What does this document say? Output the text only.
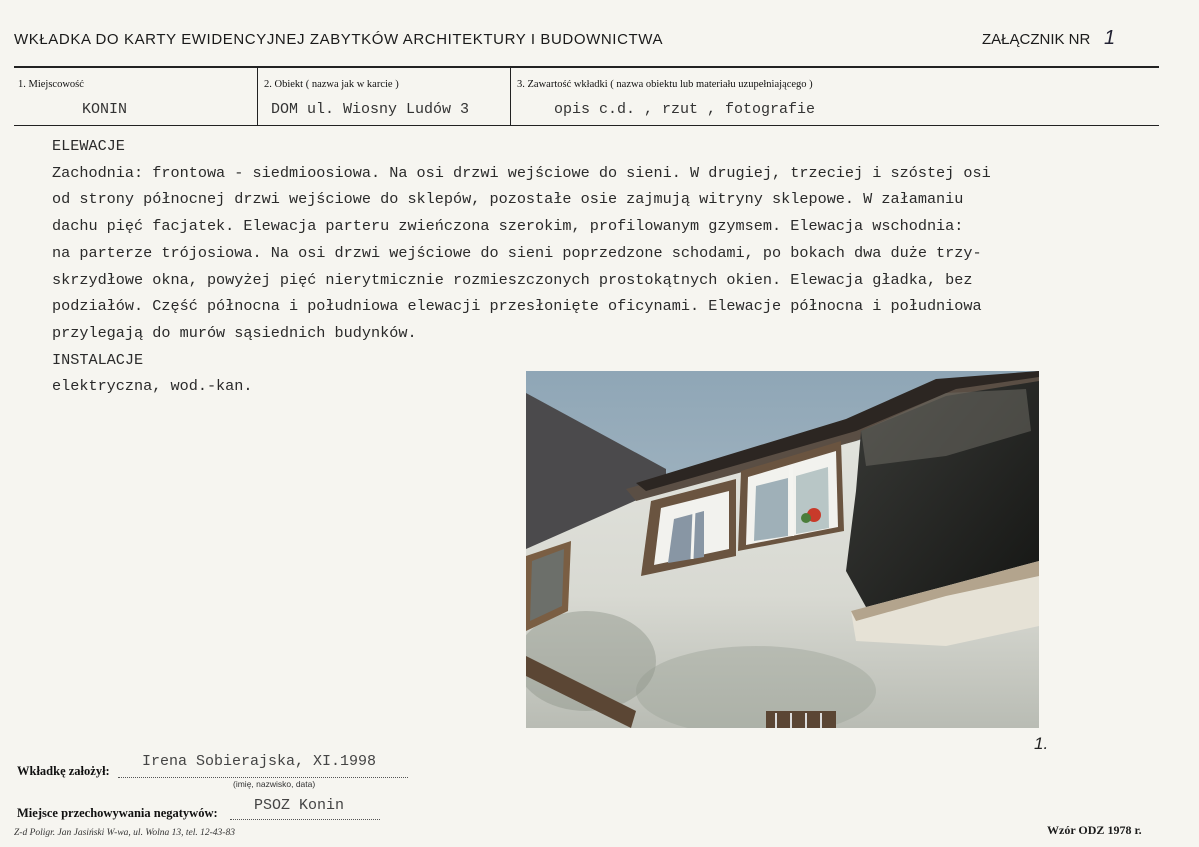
WKŁADKA DO KARTY EWIDENCYJNEJ ZABYTKÓW ARCHITEKTURY I BUDOWNICTWA	ZAŁĄCZNIK NR 1
1. Miejscowość
KONIN
2. Obiekt ( nazwa jak w karcie )
DOM ul. Wiosny Ludów 3
3. Zawartość wkładki ( nazwa obiektu lub materiału uzupełniającego )
opis c.d. , rzut , fotografie
ELEWACJE
Zachodnia: frontowa - siedmioosiowa. Na osi drzwi wejściowe do sieni. W drugiej, trzeciej i szóstej osi
od strony północnej drzwi wejściowe do sklepów, pozostałe osie zajmują witryny sklepowe. W załamaniu
dachu pięć facjatek. Elewacja parteru zwieńczona szerokim, profilowanym gzymsem. Elewacja wschodnia:
na parterze trójosiowa. Na osi drzwi wejściowe do sieni poprzedzone schodami, po bokach dwa duże trzy-
skrzydłowe okna, powyżej pięć nierytmicznie rozmieszczonych prostokątnych okien. Elewacja gładka, bez
podziałów. Część północna i południowa elewacji przesłonięte oficynami. Elewacje północna i południowa
przylegają do murów sąsiednich budynków.
INSTALACJE
elektryczna, wod.-kan.
1.
Wkładkę założył:
Irena Sobierajska, XI.1998
(imię, nazwisko, data)
Miejsce przechowywania negatywów: PSOZ Konin
Z-d Poligr. Jan Jasiński W-wa, ul. Wolna 13, tel. 12-43-83	Wzór ODZ 1978 r.
